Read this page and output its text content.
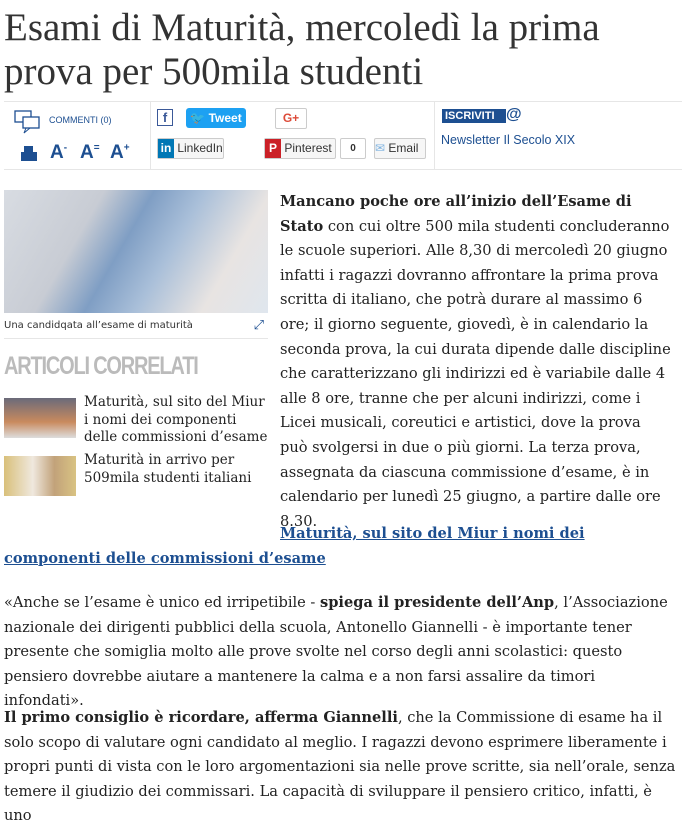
Esami di Maturità, mercoledì la prima prova per 500mila studenti
COMMENTI (0)
A- A= A+
f	🐦 Tweet	G+
in LinkedIn	P Pinterest	0	✉ Email
ISCRIVITI @
Newsletter Il Secolo XIX
Una candidqata all’esame di maturità	⤢
ARTICOLI CORRELATI
Maturità, sul sito del Miur i nomi dei componenti delle commissioni d’esame
Maturità in arrivo per 509mila studenti italiani

Mancano poche ore all’inizio dell’Esame di Stato con cui oltre 500 mila studenti concluderanno le scuole superiori. Alle 8,30 di mercoledì 20 giugno infatti i ragazzi dovranno affrontare la prima prova scritta di italiano, che potrà durare al massimo 6 ore; il giorno seguente, giovedì, è in calendario la seconda prova, la cui durata dipende dalle discipline che caratterizzano gli indirizzi ed è variabile dalle 4 alle 8 ore, tranne che per alcuni indirizzi, come i Licei musicali, coreutici e artistici, dove la prova può svolgersi in due o più giorni. La terza prova, assegnata da ciascuna commissione d’esame, è in calendario per lunedì 25 giugno, a partire dalle ore 8.30.

Maturità, sul sito del Miur i nomi dei componenti delle commissioni d’esame

«Anche se l’esame è unico ed irripetibile - spiega il presidente dell’Anp, l’Associazione nazionale dei dirigenti pubblici della scuola, Antonello Giannelli - è importante tener presente che somiglia molto alle prove svolte nel corso degli anni scolastici: questo pensiero dovrebbe aiutare a mantenere la calma e a non farsi assalire da timori infondati».

Il primo consiglio è ricordare, afferma Giannelli, che la Commissione di esame ha il solo scopo di valutare ogni candidato al meglio. I ragazzi devono esprimere liberamente i propri punti di vista con le loro argomentazioni sia nelle prove scritte, sia nell’orale, senza temere il giudizio dei commissari. La capacità di sviluppare il pensiero critico, infatti, è uno
